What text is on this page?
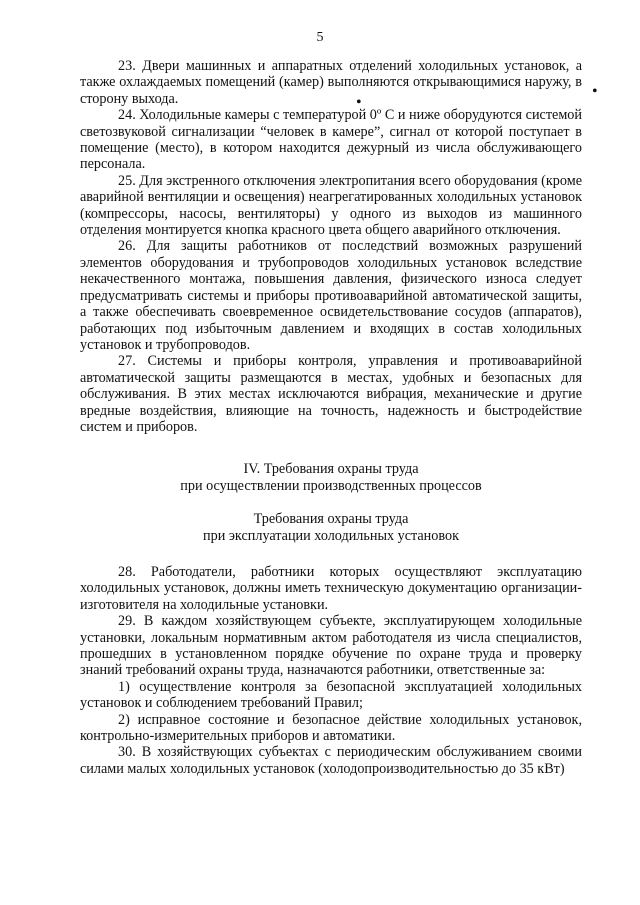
5

23. Двери машинных и аппаратных отделений холодильных установок, а также охлаждаемых помещений (камер) выполняются открывающимися наружу, в сторону выхода.

24. Холодильные камеры с температурой 0º С и ниже оборудуются системой светозвуковой сигнализации “человек в камере”, сигнал от которой поступает в помещение (место), в котором находится дежурный из числа обслуживающего персонала.

25. Для экстренного отключения электропитания всего оборудования (кроме аварийной вентиляции и освещения) неагрегатированных холодильных установок (компрессоры, насосы, вентиляторы) у одного из выходов из машинного отделения монтируется кнопка красного цвета общего аварийного отключения.

26. Для защиты работников от последствий возможных разрушений элементов оборудования и трубопроводов холодильных установок вследствие некачественного монтажа, повышения давления, физического износа следует предусматривать системы и приборы противоаварийной автоматической защиты, а также обеспечивать своевременное освидетельствование сосудов (аппаратов), работающих под избыточным давлением и входящих в состав холодильных установок и трубопроводов.

27. Системы и приборы контроля, управления и противоаварийной автоматической защиты размещаются в местах, удобных и безопасных для обслуживания. В этих местах исключаются вибрация, механические и другие вредные воздействия, влияющие на точность, надежность и быстродействие систем и приборов.

IV. Требования охраны труда

при осуществлении производственных процессов

Требования охраны труда

при эксплуатации холодильных установок

28. Работодатели, работники которых осуществляют эксплуатацию холодильных установок, должны иметь техническую документацию организации-изготовителя на холодильные установки.

29. В каждом хозяйствующем субъекте, эксплуатирующем холодильные установки, локальным нормативным актом работодателя из числа специалистов, прошедших в установленном порядке обучение по охране труда и проверку знаний требований охраны труда, назначаются работники, ответственные за:

1) осуществление контроля за безопасной эксплуатацией холодильных установок и соблюдением требований Правил;

2) исправное состояние и безопасное действие холодильных установок, контрольно-измерительных приборов и автоматики.

30. В хозяйствующих субъектах с периодическим обслуживанием своими силами малых холодильных установок (холодопроизводительностью до 35 кВт)

•
•
